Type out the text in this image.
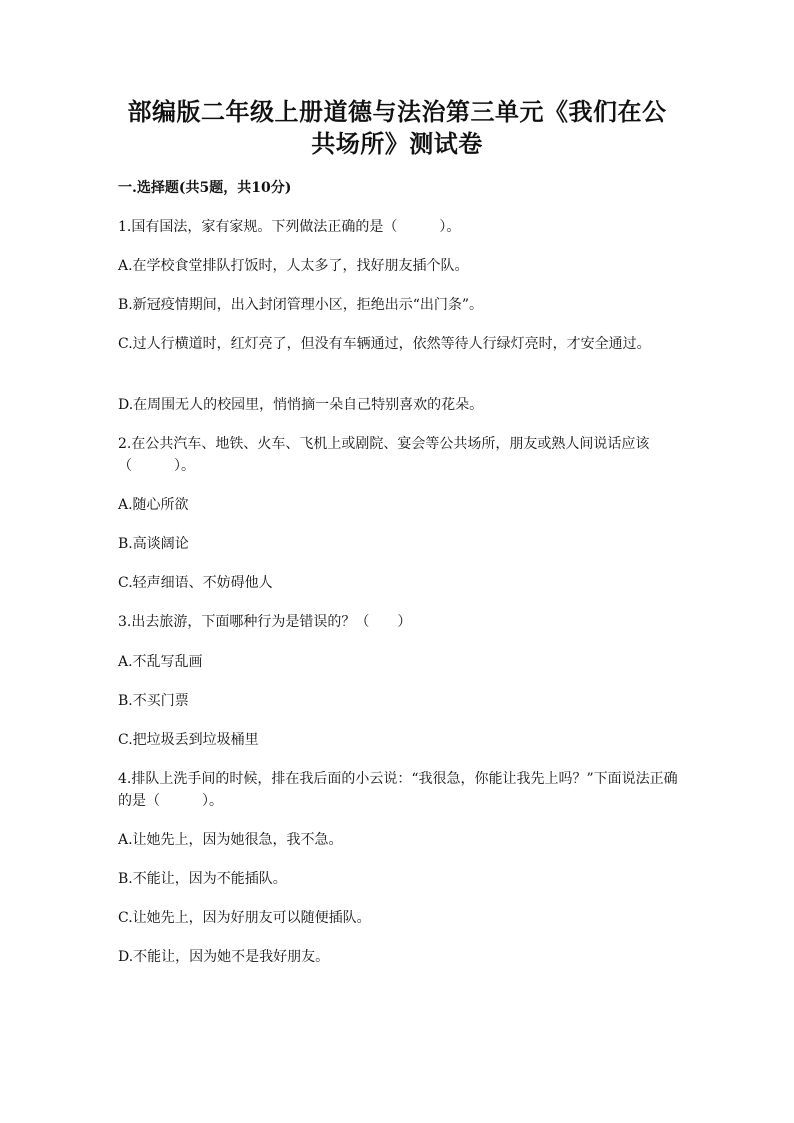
部编版二年级上册道德与法治第三单元《我们在公
共场所》测试卷
一.选择题(共5题，共10分)
1.国有国法，家有家规。下列做法正确的是（　　　）。
A.在学校食堂排队打饭时，人太多了，找好朋友插个队。
B.新冠疫情期间，出入封闭管理小区，拒绝出示“出门条”。
C.过人行横道时，红灯亮了，但没有车辆通过，依然等待人行绿灯亮时，才安全通过。
D.在周围无人的校园里，悄悄摘一朵自己特别喜欢的花朵。
2.在公共汽车、地铁、火车、飞机上或剧院、宴会等公共场所，朋友或熟人间说话应该（　　　）。
A.随心所欲
B.高谈阔论
C.轻声细语、不妨碍他人
3.出去旅游，下面哪种行为是错误的？（　　）
A.不乱写乱画
B.不买门票
C.把垃圾丢到垃圾桶里
4.排队上洗手间的时候，排在我后面的小云说：“我很急，你能让我先上吗？”下面说法正确的是（　　　）。
A.让她先上，因为她很急，我不急。
B.不能让，因为不能插队。
C.让她先上，因为好朋友可以随便插队。
D.不能让，因为她不是我好朋友。
